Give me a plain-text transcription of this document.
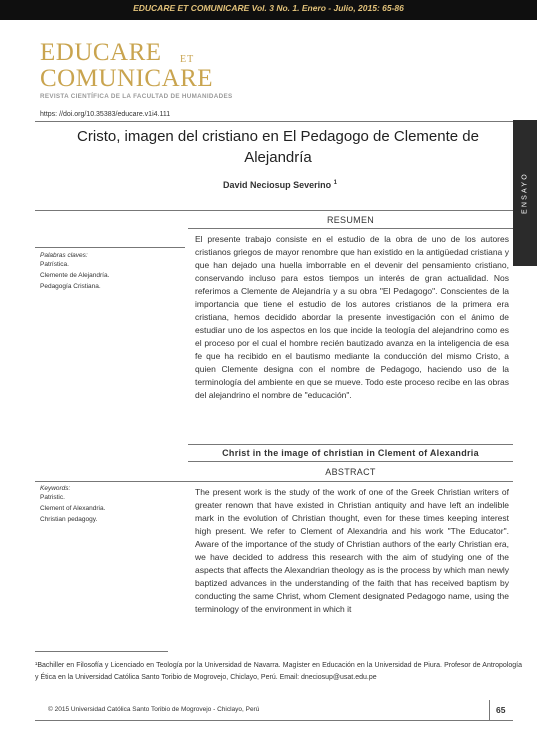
EDUCARE ET COMUNICARE Vol. 3 No. 1. Enero - Julio, 2015: 65-86
EDUCARE ET
COMUNICARE
REVISTA CIENTÍFICA DE LA FACULTAD DE HUMANIDADES
https: //doi.org/10.35383/educare.v1i4.111
ENSAYO
Cristo, imagen del cristiano en El Pedagogo de Clemente de Alejandría
David Neciosup Severino $^1$
RESUMEN
Palabras claves:
Patrística.
Clemente de Alejandría.
Pedagogía Cristiana.
El presente trabajo consiste en el estudio de la obra de uno de los autores cristianos griegos de mayor renombre que han existido en la antigüedad cristiana y que han dejado una huella imborrable en el devenir del pensamiento cristiano, conservando incluso para estos tiempos un interés de gran actualidad. Nos referimos a Clemente de Alejandría y a su obra "El Pedagogo". Conscientes de la importancia que tiene el estudio de los autores cristianos de la primera era cristiana, hemos decidido abordar la presente investigación con el ánimo de estudiar uno de los aspectos en los que incide la teología del alejandrino como es el proceso por el cual el hombre recién bautizado avanza en la inteligencia de esa fe que ha recibido en el bautismo mediante la conducción del mismo Cristo, a quien Clemente designa con el nombre de Pedagogo, haciendo uso de la terminología del ambiente en que se mueve. Todo este proceso recibe en las obras del alejandrino el nombre de "educación".
Christ in the image of christian in Clement of Alexandria
ABSTRACT
Keywords:
Patristic.
Clement of Alexandria.
Christian pedagogy.
The present work is the study of the work of one of the Greek Christian writers of greater renown that have existed in Christian antiquity and have left an indelible mark in the evolution of Christian thought, even for these times keeping interest high present. We refer to Clement of Alexandria and his work "The Educator". Aware of the importance of the study of Christian authors of the early Christian era, we have decided to address this research with the aim of studying one of the aspects that affects the Alexandrian theology as is the process by which man newly baptized advances in the understanding of the faith that has received baptism by conducting the same Christ, whom Clement designated Pedagogo name, using the terminology of the environment in which it
¹Bachiller en Filosofía y Licenciado en Teología por la Universidad de Navarra. Magíster en Educación en la Universidad de Piura. Profesor de Antropología y Ética en la Universidad Católica Santo Toribio de Mogrovejo, Chiclayo, Perú. Email: dneciosup@usat.edu.pe
© 2015 Universidad Católica Santo Toribio de Mogrovejo - Chiclayo, Perú	65
